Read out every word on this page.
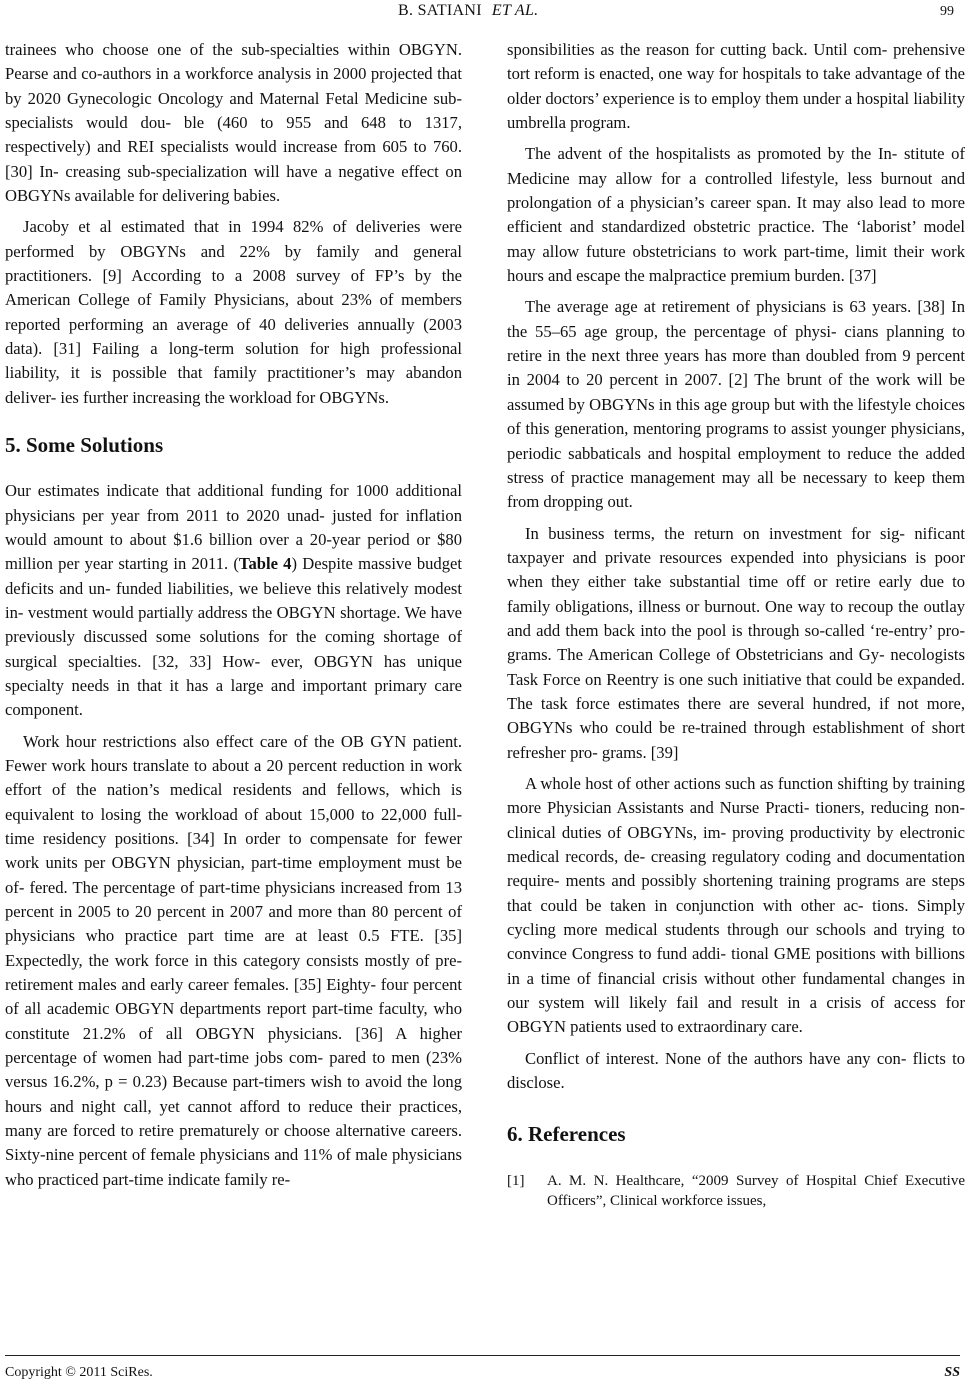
B. SATIANI ET AL.	99

trainees who choose one of the sub-specialties within OBGYN. Pearse and co-authors in a workforce analysis in 2000 projected that by 2020 Gynecologic Oncology and Maternal Fetal Medicine sub-specialists would dou- ble (460 to 955 and 648 to 1317, respectively) and REI specialists would increase from 605 to 760. [30] In- creasing sub-specialization will have a negative effect on OBGYNs available for delivering babies.

Jacoby et al estimated that in 1994 82% of deliveries were performed by OBGYNs and 22% by family and general practitioners. [9] According to a 2008 survey of FP’s by the American College of Family Physicians, about 23% of members reported performing an average of 40 deliveries annually (2003 data). [31] Failing a long-term solution for high professional liability, it is possible that family practitioner’s may abandon deliver- ies further increasing the workload for OBGYNs.

5. Some Solutions

Our estimates indicate that additional funding for 1000 additional physicians per year from 2011 to 2020 unad- justed for inflation would amount to about $1.6 billion over a 20-year period or $80 million per year starting in 2011. (Table 4) Despite massive budget deficits and un- funded liabilities, we believe this relatively modest in- vestment would partially address the OBGYN shortage. We have previously discussed some solutions for the coming shortage of surgical specialties. [32, 33] How- ever, OBGYN has unique specialty needs in that it has a large and important primary care component.

Work hour restrictions also effect care of the OB GYN patient. Fewer work hours translate to about a 20 percent reduction in work effort of the nation’s medical residents and fellows, which is equivalent to losing the workload of about 15,000 to 22,000 full-time residency positions. [34] In order to compensate for fewer work units per OBGYN physician, part-time employment must be of- fered. The percentage of part-time physicians increased from 13 percent in 2005 to 20 percent in 2007 and more than 80 percent of physicians who practice part time are at least 0.5 FTE. [35] Expectedly, the work force in this category consists mostly of pre-retirement males and early career females. [35] Eighty- four percent of all academic OBGYN departments report part-time faculty, who constitute 21.2% of all OBGYN physicians. [36] A higher percentage of women had part-time jobs com- pared to men (23% versus 16.2%, p = 0.23) Because part-timers wish to avoid the long hours and night call, yet cannot afford to reduce their practices, many are forced to retire prematurely or choose alternative careers. Sixty-nine percent of female physicians and 11% of male physicians who practiced part-time indicate family re-

sponsibilities as the reason for cutting back. Until com- prehensive tort reform is enacted, one way for hospitals to take advantage of the older doctors’ experience is to employ them under a hospital liability umbrella program.

The advent of the hospitalists as promoted by the In- stitute of Medicine may allow for a controlled lifestyle, less burnout and prolongation of a physician’s career span. It may also lead to more efficient and standardized obstetric practice. The ‘laborist’ model may allow future obstetricians to work part-time, limit their work hours and escape the malpractice premium burden. [37]

The average age at retirement of physicians is 63 years. [38] In the 55–65 age group, the percentage of physi- cians planning to retire in the next three years has more than doubled from 9 percent in 2004 to 20 percent in 2007. [2] The brunt of the work will be assumed by OBGYNs in this age group but with the lifestyle choices of this generation, mentoring programs to assist younger physicians, periodic sabbaticals and hospital employment to reduce the added stress of practice management may all be necessary to keep them from dropping out.

In business terms, the return on investment for sig- nificant taxpayer and private resources expended into physicians is poor when they either take substantial time off or retire early due to family obligations, illness or burnout. One way to recoup the outlay and add them back into the pool is through so-called ‘re-entry’ pro- grams. The American College of Obstetricians and Gy- necologists Task Force on Reentry is one such initiative that could be expanded. The task force estimates there are several hundred, if not more, OBGYNs who could be re-trained through establishment of short refresher pro- grams. [39]

A whole host of other actions such as function shifting by training more Physician Assistants and Nurse Practi- tioners, reducing non-clinical duties of OBGYNs, im- proving productivity by electronic medical records, de- creasing regulatory coding and documentation require- ments and possibly shortening training programs are steps that could be taken in conjunction with other ac- tions. Simply cycling more medical students through our schools and trying to convince Congress to fund addi- tional GME positions with billions in a time of financial crisis without other fundamental changes in our system will likely fail and result in a crisis of access for OBGYN patients used to extraordinary care.

Conflict of interest. None of the authors have any con- flicts to disclose.

6. References
[1]	A. M. N. Healthcare, “2009 Survey of Hospital Chief Executive Officers”, Clinical workforce issues,
Copyright © 2011 SciRes.	SS
